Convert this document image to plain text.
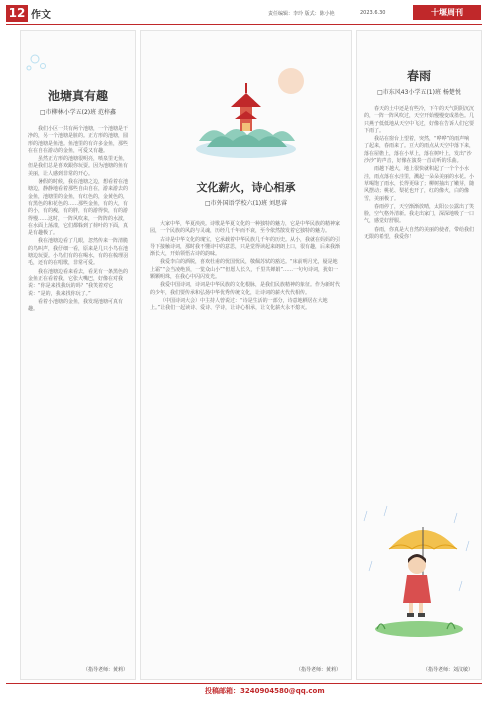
12 作文	责任编辑：李玲 版式：陈小艳	2023.6.30	十堰周刊
池塘真有趣
□市柳林小学五(2)班 范梓鑫

我们小区一共有两个池塘，一个池塘是干净的，另一个池塘是脏的。正方形的池塘，圆形的池塘是鱼池。鱼池里的有许多金鱼，那些在在自在游动的金鱼，可爱又有趣。

虽然正方形的池塘很明亮，喷泉里无鱼，但是我们总是喜欢跟你玩耍。因为池塘的鱼有美丽，让人感到非常的开心。

暑假的时候，我在池塘之边，想看着在池塘边，静静地看着那些自由自在，游来游去的金鱼，池塘里的金鱼，有红色的，金黄色的，有黑色的和花色的……那些金鱼，有的大，有的小，有的瘦，有的胖，有的游得快，有的游得慢……这时，一阵风吹来，一阵阵的水波，在水面上荡漾，它们都躲到了荷叶的下面，真是有趣极了。

我在池塘边看了几眼，忽然传来一阵清脆的鸟叫声，我仔细一看，原来是几只小鸟在池塘边玩耍。小鸟们有的在喝水，有的在梳理羽毛，还有的在唱歌，非常可爱。

我在池塘边看来看去，看见有一条黑色的金鱼正在看着我，它张大嘴巴，好像在对我说：“你是来找我玩的吗？”我笑着对它说：“是的，我来找你玩了。”

看着小池塘的金鱼，我发现池塘可真有趣。

（指导老师：黄莉）
文化薪火，诗心相承
□市外国语学校六(1)班 刘思睿

大家中华，华夏泱泱。诗歌是华夏文化的一种独特的魅力，它是中华民族的精神家园，一个民族的风韵与灵魂，历经几千年而不衰，至今依然散发着它独特的魅力。

古诗是中华文化的瑰宝，它承载着中华民族几千年的历史。从小，我就在妈妈的引导下接触诗词，那时我不懂诗中的意思，只是觉得读起来朗朗上口，很有趣，后来我渐渐长大，开始领悟古诗的韵味。

我爱李白的洒脱，喜欢杜甫的忧国忧民，敬佩苏轼的豁达。“床前明月光，疑是地上霜”“会当凌绝顶，一览众山小”“但愿人长久，千里共婵娟”……一句句诗词，犹如一颗颗明珠，在我心中闪闪发光。

我爱中国诗词，诗词是中华民族的文化根脉，是我们民族精神的象征。作为新时代的少年，我们要传承和弘扬中华优秀传统文化，让诗词的薪火代代相传。

（中国诗词大会）中主持人曾说过：“诗是生活的一部分，诗意地栖居在大地上。”让我们一起读诗、爱诗、学诗，让诗心相承，让文化薪火永不熄灭。

（指导老师：黄莉）
春雨
□市东风43小学五(1)班 杨楚悦

春天的土中还是有些冷，下午的天气阴阴沉沉的，一阵一阵风吹过，天空开始慢慢变成墨色。几只燕子低低地从天空中飞过，好像在告诉人们它要下雨了。

我站在窗台上望着，突然，“哗哗”的雨声响了起来，春雨来了。豆大的雨点从天空中落下来，落在屋檐上，落在小草上，落在树叶上，发出“沙沙沙”的声音，好像在演奏一首动听的乐曲。

雨越下越大，地上很快就积起了一个个小水洼，雨点落在水洼里，溅起一朵朵美丽的水花。小草喝饱了雨水，长得更绿了；柳树抽出了嫩芽，随风摆动；桃花、梨花也开了，红的像火，白的像雪，美丽极了。

春雨停了，天空渐渐放晴，太阳公公露出了笑脸，空气格外清新。我走出家门，深深地吸了一口气，感觉好舒服。

春雨，你真是大自然的美丽的使者，带给我们无限的希望，我爱你！

（指导老师：刘汶敏）
投稿邮箱：3240904580@qq.com
